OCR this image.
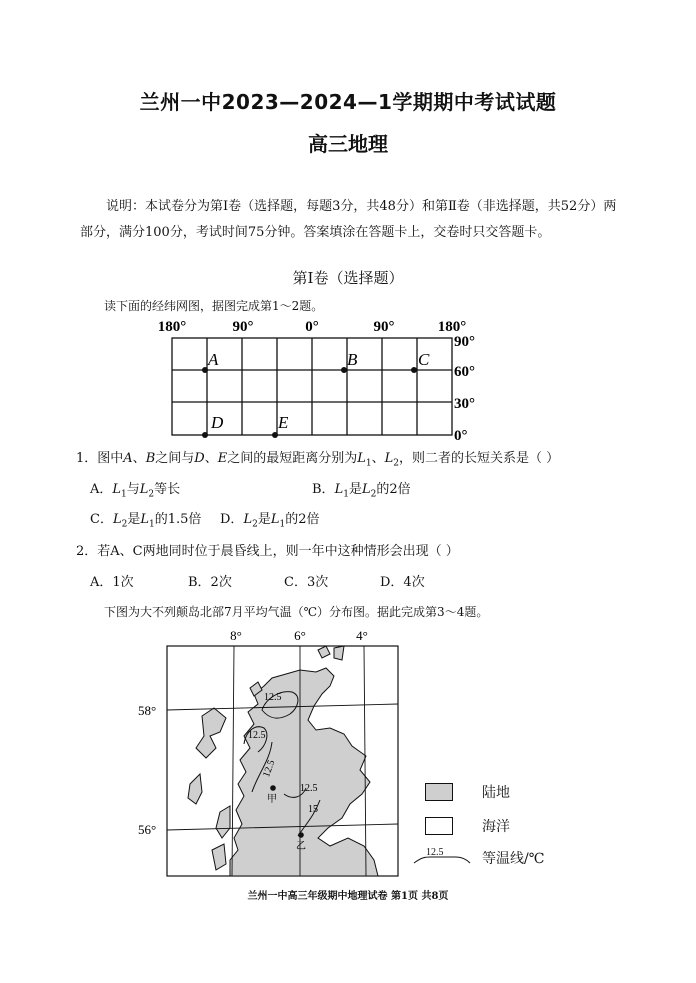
兰州一中2023—2024—1学期期中考试试题
高三地理
说明：本试卷分为第Ⅰ卷（选择题，每题3分，共48分）和第Ⅱ卷（非选择题，共52分）两部分，满分100分，考试时间75分钟。答案填涂在答题卡上，交卷时只交答题卡。
第Ⅰ卷（选择题）
读下面的经纬网图，据图完成第1～2题。
180°	90°	0°	90°	180°
90°
60°
30°
0°
A	B	C
D	E
1．图中A、B之间与D、E之间的最短距离分别为$L_1$、$L_2$，则二者的长短关系是（ ）
A．$L_1$与$L_2$等长	B．$L_1$是$L_2$的2倍
C．$L_2$是$L_1$的1.5倍 D．$L_2$是$L_1$的2倍
2．若A、C两地同时位于晨昏线上，则一年中这种情形会出现（ ）
A．1次	B．2次	C．3次	D．4次
下图为大不列颠岛北部7月平均气温（℃）分布图。据此完成第3～4题。
8°	6°	4°
58°
56°
12.5
12.5
12.5
12.5
15
甲
乙
陆地
海洋
12.5	等温线/℃
兰州一中高三年级期中地理试卷 第1页 共8页
